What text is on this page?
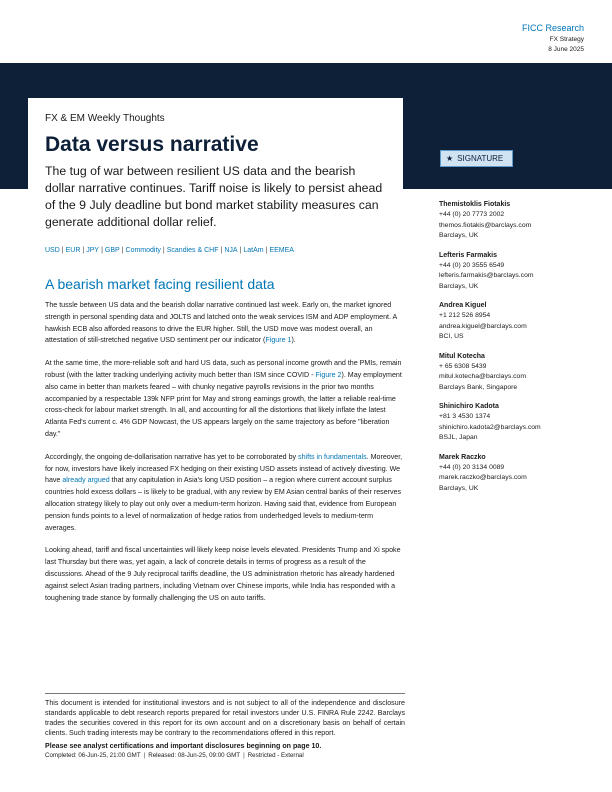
FICC Research
FX Strategy
8 June 2025
FX & EM Weekly Thoughts
Data versus narrative
The tug of war between resilient US data and the bearish dollar narrative continues. Tariff noise is likely to persist ahead of the 9 July deadline but bond market stability measures can generate additional dollar relief.
USD | EUR | JPY | GBP | Commodity | Scandies & CHF | NJA | LatAm | EEMEA
A bearish market facing resilient data

The tussle between US data and the bearish dollar narrative continued last week. Early on, the market ignored strength in personal spending data and JOLTS and latched onto the weak services ISM and ADP employment. A hawkish ECB also afforded reasons to drive the EUR higher. Still, the USD move was modest overall, an attestation of still-stretched negative USD sentiment per our indicator (Figure 1).

At the same time, the more-reliable soft and hard US data, such as personal income growth and the PMIs, remain robust (with the latter tracking underlying activity much better than ISM since COVID - Figure 2). May employment also came in better than markets feared – with chunky negative payrolls revisions in the prior two months accompanied by a respectable 139k NFP print for May and strong earnings growth, the latter a reliable real-time cross-check for labour market strength. In all, and accounting for all the distortions that likely inflate the latest Atlanta Fed's current c. 4% GDP Nowcast, the US appears largely on the same trajectory as before "liberation day."

Accordingly, the ongoing de-dollarisation narrative has yet to be corroborated by shifts in fundamentals. Moreover, for now, investors have likely increased FX hedging on their existing USD assets instead of actively divesting. We have already argued that any capitulation in Asia's long USD position – a region where current account surplus countries hold excess dollars – is likely to be gradual, with any review by EM Asian central banks of their reserves allocation strategy likely to play out only over a medium-term horizon. Having said that, evidence from European pension funds points to a level of normalization of hedge ratios from underhedged levels to medium-term averages.

Looking ahead, tariff and fiscal uncertainties will likely keep noise levels elevated. Presidents Trump and Xi spoke last Thursday but there was, yet again, a lack of concrete details in terms of progress as a result of the discussions. Ahead of the 9 July reciprocal tariffs deadline, the US administration rhetoric has already hardened against select Asian trading partners, including Vietnam over Chinese imports, while India has responded with a toughening trade stance by formally challenging the US on auto tariffs.

This document is intended for institutional investors and is not subject to all of the independence and disclosure standards applicable to debt research reports prepared for retail investors under U.S. FINRA Rule 2242. Barclays trades the securities covered in this report for its own account and on a discretionary basis on behalf of certain clients. Such trading interests may be contrary to the recommendations offered in this report.
Please see analyst certifications and important disclosures beginning on page 10.
Completed: 06-Jun-25, 21:00 GMT | Released: 08-Jun-25, 09:00 GMT | Restricted - External
★ SIGNATURE
Themistoklis Fiotakis
+44 (0) 20 7773 2002
themos.fiotakis@barclays.com
Barclays, UK
Lefteris Farmakis
+44 (0) 20 3555 6549
lefteris.farmakis@barclays.com
Barclays, UK
Andrea Kiguel
+1 212 526 8954
andrea.kiguel@barclays.com
BCI, US
Mitul Kotecha
+ 65 6308 5439
mitul.kotecha@barclays.com
Barclays Bank, Singapore
Shinichiro Kadota
+81 3 4530 1374
shinichiro.kadota2@barclays.com
BSJL, Japan
Marek Raczko
+44 (0) 20 3134 0089
marek.raczko@barclays.com
Barclays, UK
